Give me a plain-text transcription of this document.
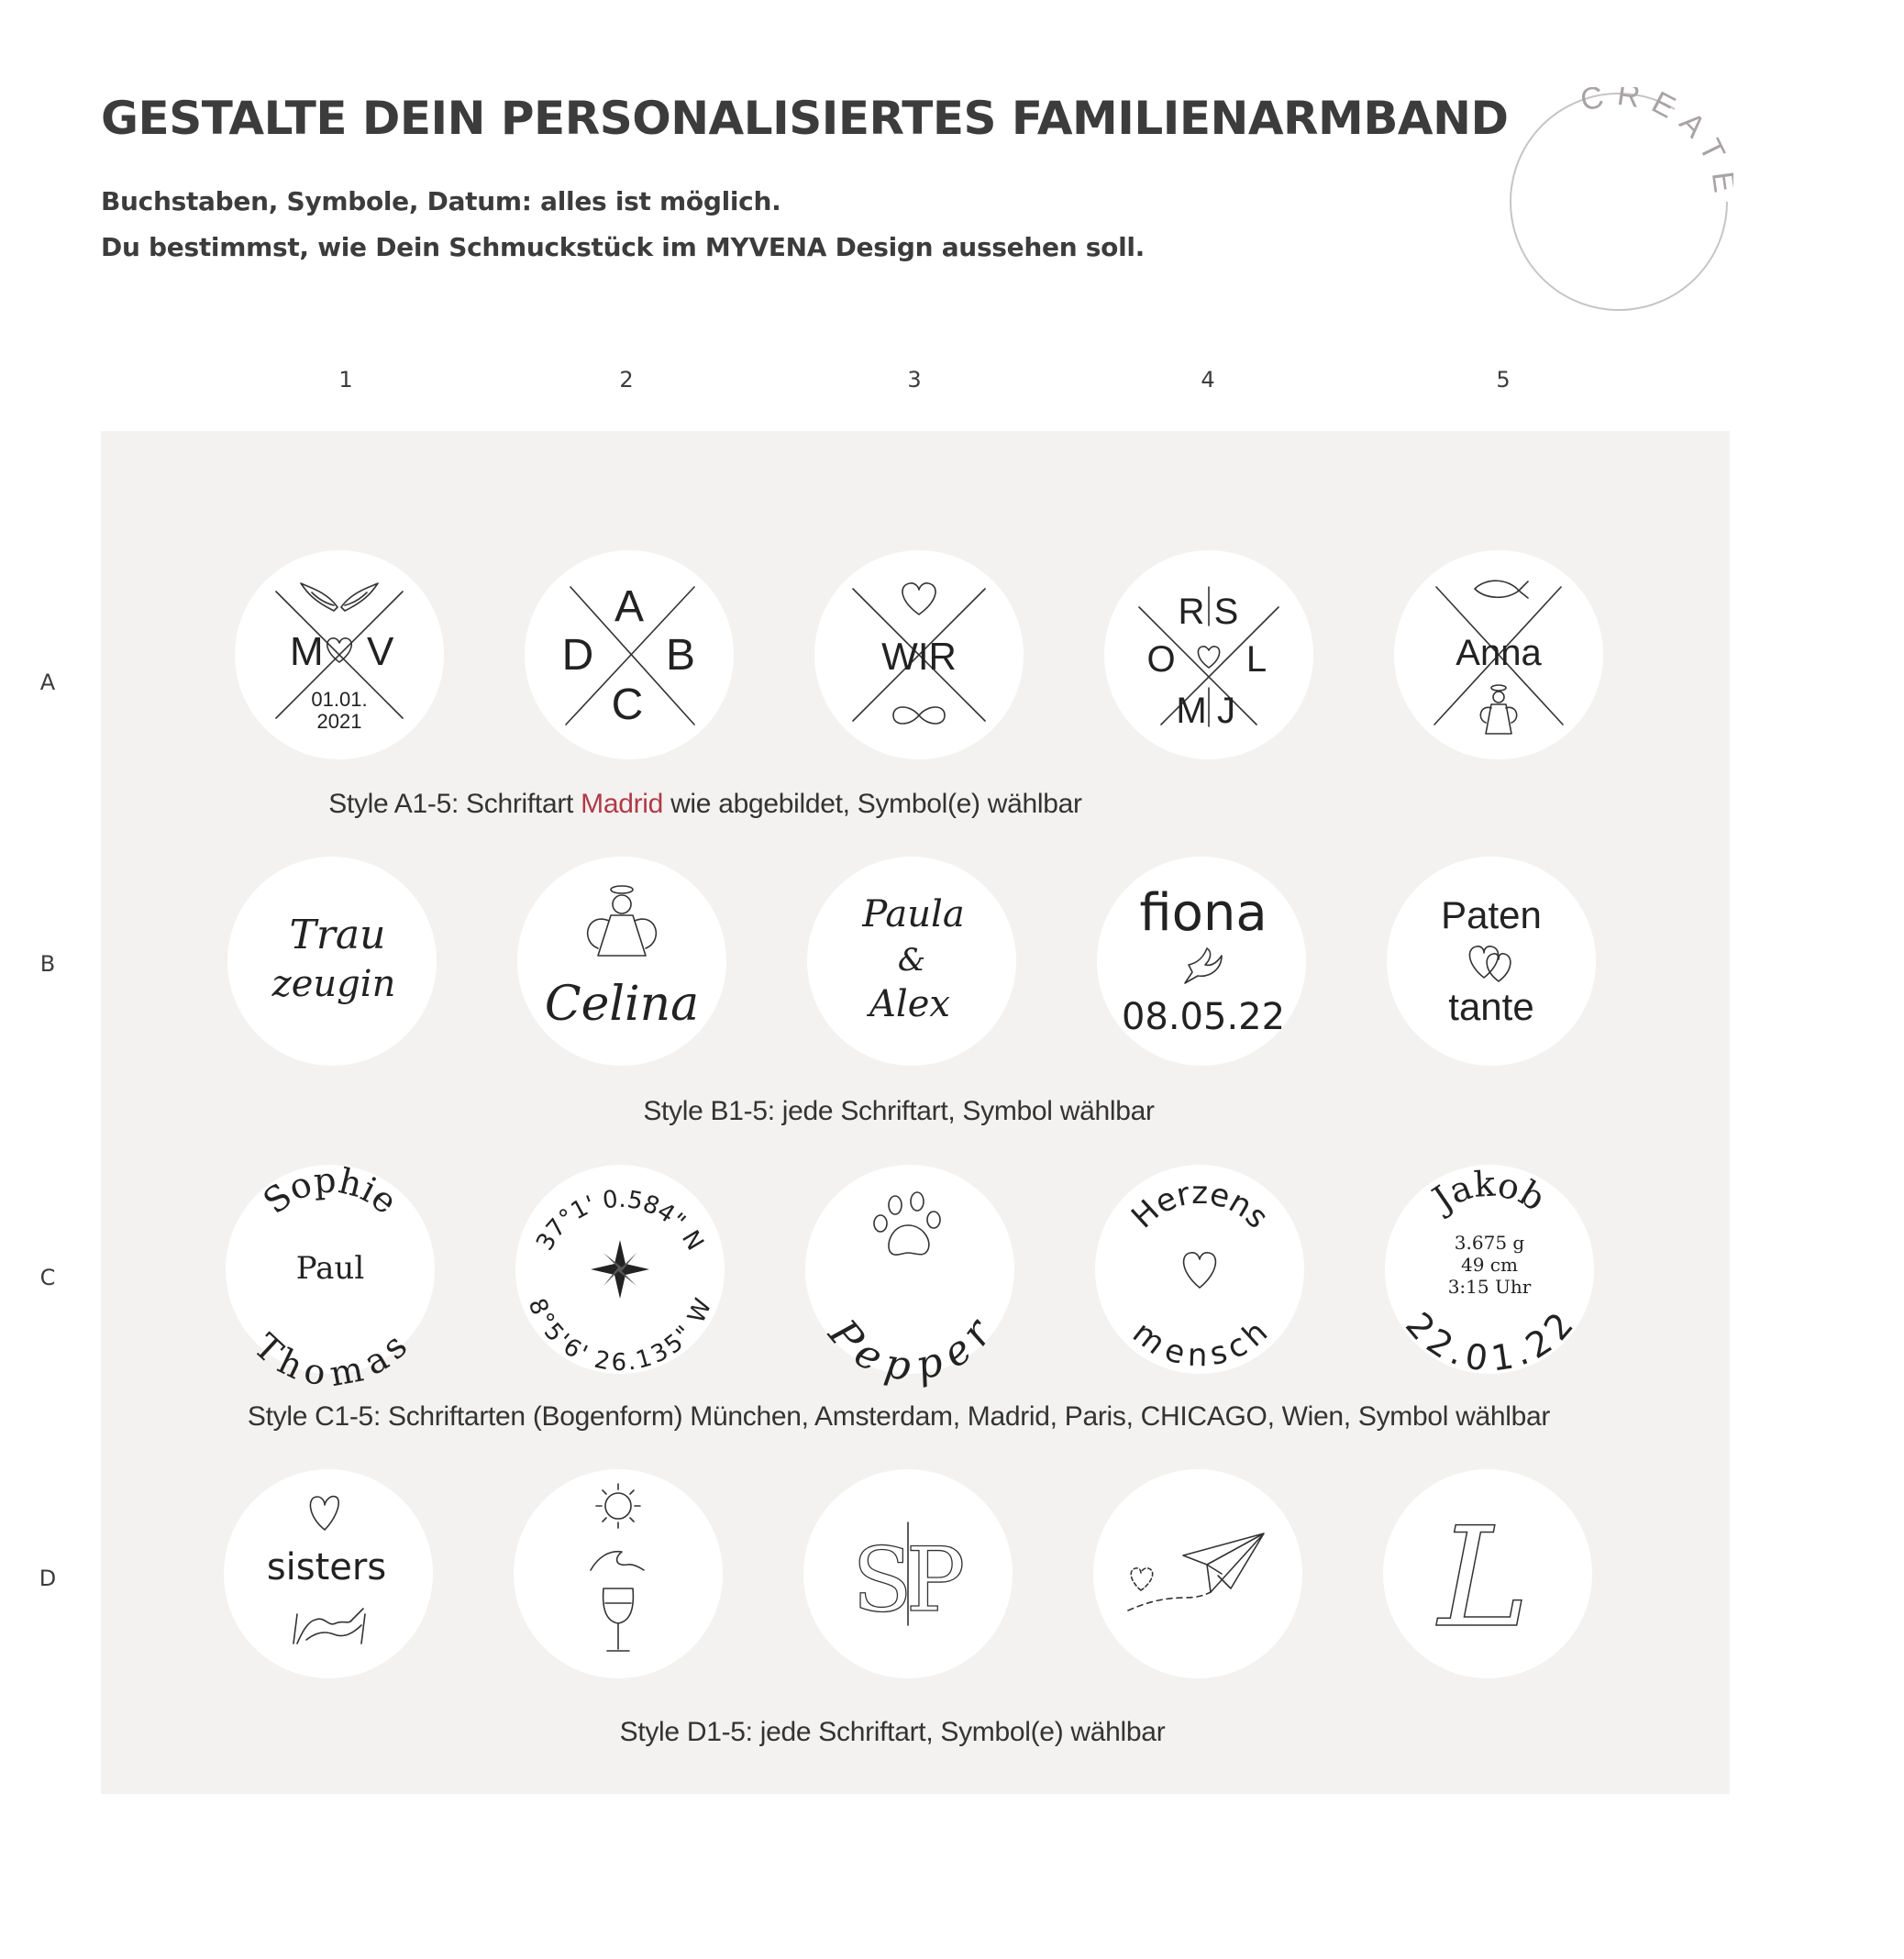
GESTALTE DEIN PERSONALISIERTES FAMILIENARMBAND
Buchstaben, Symbole, Datum: alles ist möglich.
Du bestimmst, wie Dein Schmuckstück im MYVENA Design aussehen soll.
CREAT
1	2	3	4	5
A
B
C
D
M V
01.01.
2021
A
D B
C
WIR
R S
O L
M J
Anna
Style A1-5: Schriftart Madrid wie abgebildet, Symbol(e) wählbar
Trau
zeugin	Celina
Paula
&
Alex
fiona
08.05.22
Paten
tante
Style B1-5: jede Schriftart, Symbol wählbar
Sophie
Paul
Thomas
37°1' 0.584" N
8°5'6' 26.135" W	Pepper
Herzens
mensch
Jakob
3.675 g
49 cm
3:15 Uhr
22.01.22
Style C1-5: Schriftarten (Bogenform) München, Amsterdam, Madrid, Paris, CHICAGO, Wien, Symbol wählbar
sisters	S
P	L
Style D1-5: jede Schriftart, Symbol(e) wählbar
